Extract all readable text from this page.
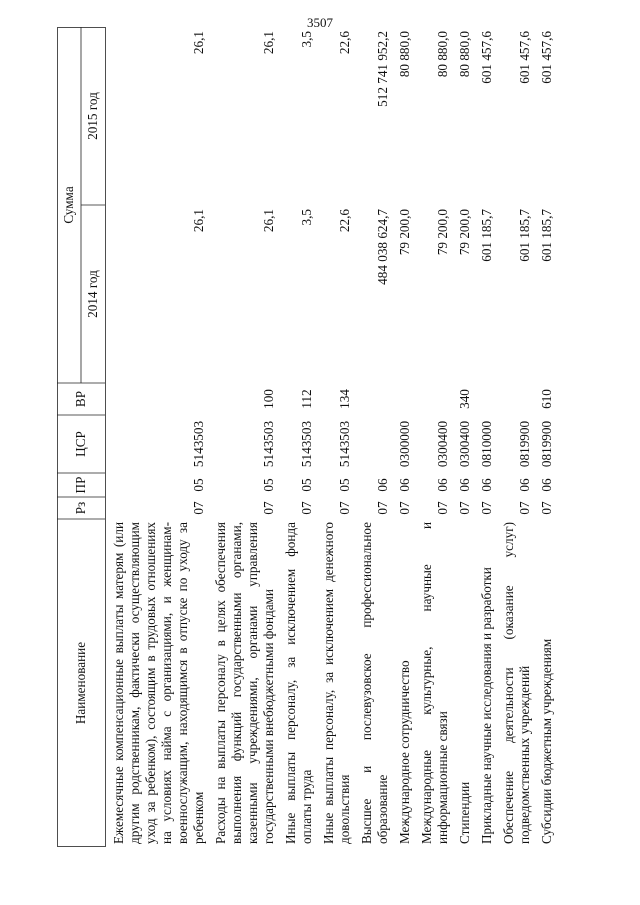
3507
Наименование	Рз	ПР	ЦСР	ВР	Сумма	
					2014 год	2015 год

Ежемесячные компенсационные выплаты матерям (или другим родственникам, фактически осуществляющим уход за ребенком), состоящим в трудовых отношениях на условиях найма с организациями, и женщинам-военнослужащим, находящимся в отпуске по уходу за ребенком	07	05	5143503		26,1	26,1

Расходы на выплаты персоналу в целях обеспечения выполнения функций государственными органами, казенными учреждениями, органами управления государственными внебюджетными фондами	07	05	5143503	100	26,1	26,1

Иные выплаты персоналу, за исключением фонда оплаты труда	07	05	5143503	112	3,5	3,5

Иные выплаты персоналу, за исключением денежного довольствия	07	05	5143503	134	22,6	22,6

Высшее и послевузовское профессиональное образование	07	06			484 038 624,7	512 741 952,2

Международное сотрудничество	07	06	0300000		79 200,0	80 880,0

Международные культурные, научные и информационные связи	07	06	0300400		79 200,0	80 880,0

Стипендии	07	06	0300400	340	79 200,0	80 880,0

Прикладные научные исследования и разработки	07	06	0810000		601 185,7	601 457,6

Обеспечение деятельности (оказание услуг) подведомственных учреждений	07	06	0819900		601 185,7	601 457,6

Субсидии бюджетным учреждениям	07	06	0819900	610	601 185,7	601 457,6
